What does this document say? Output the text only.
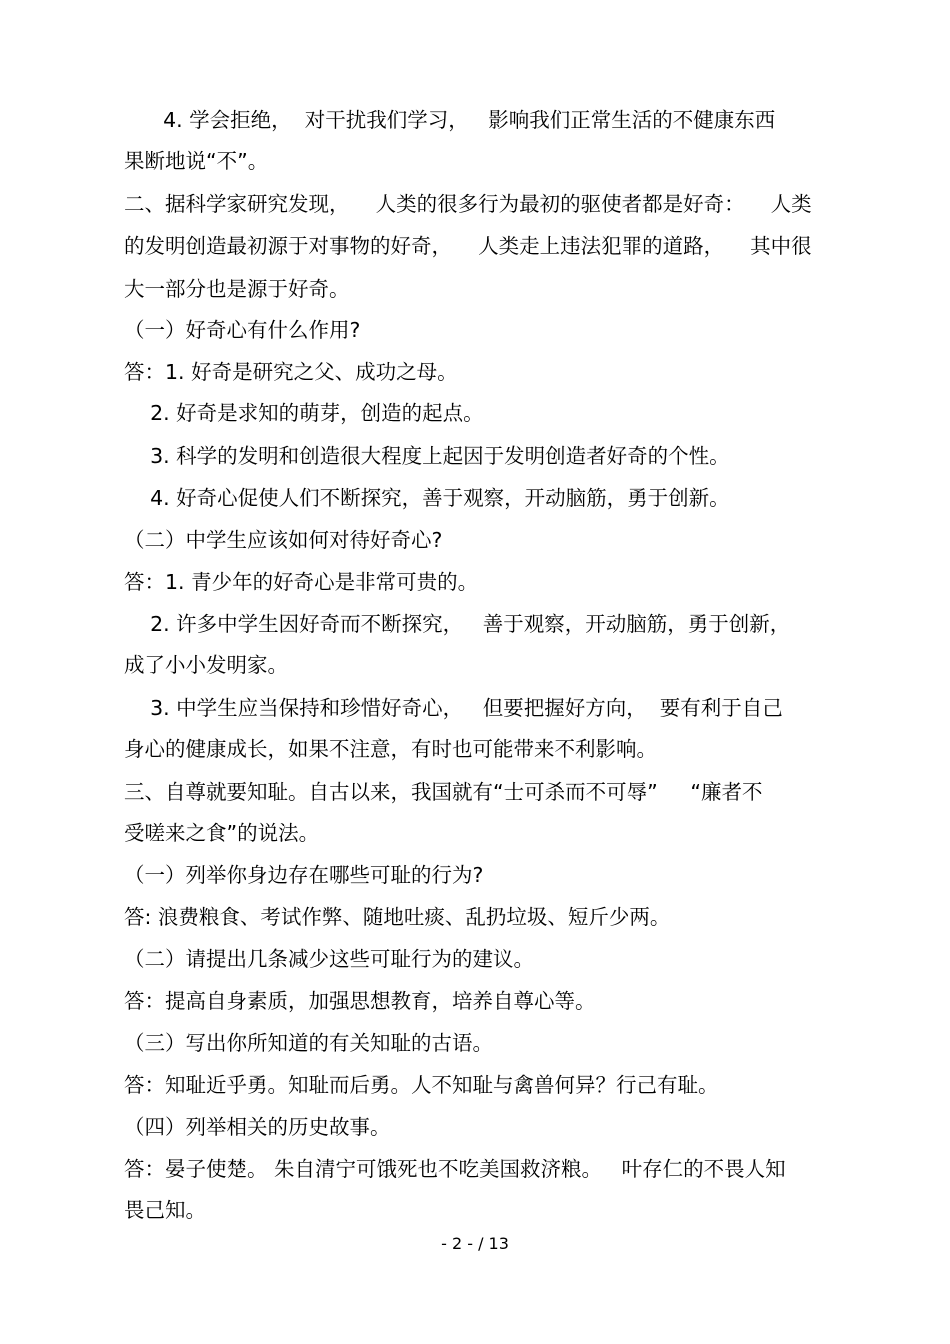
4. 学会拒绝，  对干扰我们学习，   影响我们正常生活的不健康东西
果断地说“不”。
二、据科学家研究发现，    人类的很多行为最初的驱使者都是好奇：    人类
的发明创造最初源于对事物的好奇，    人类走上违法犯罪的道路，    其中很
大一部分也是源于好奇。
（一）好奇心有什么作用?
答：1. 好奇是研究之父、成功之母。
2. 好奇是求知的萌芽，创造的起点。
3. 科学的发明和创造很大程度上起因于发明创造者好奇的个性。
4. 好奇心促使人们不断探究，善于观察，开动脑筋，勇于创新。
（二）中学生应该如何对待好奇心?
答：1. 青少年的好奇心是非常可贵的。
2. 许多中学生因好奇而不断探究，   善于观察，开动脑筋，勇于创新，
成了小小发明家。
3. 中学生应当保持和珍惜好奇心，   但要把握好方向，  要有利于自己
身心的健康成长，如果不注意，有时也可能带来不利影响。
三、自尊就要知耻。自古以来，我国就有“士可杀而不可辱”     “廉者不
受嗟来之食”的说法。
（一）列举你身边存在哪些可耻的行为?
答: 浪费粮食、考试作弊、随地吐痰、乱扔垃圾、短斤少两。
（二）请提出几条减少这些可耻行为的建议。
答：提高自身素质，加强思想教育，培养自尊心等。
（三）写出你所知道的有关知耻的古语。
答：知耻近乎勇。知耻而后勇。人不知耻与禽兽何异？行己有耻。
（四）列举相关的历史故事。
答：晏子使楚。 朱自清宁可饿死也不吃美国救济粮。   叶存仁的不畏人知
畏己知。
- 2 - / 13
